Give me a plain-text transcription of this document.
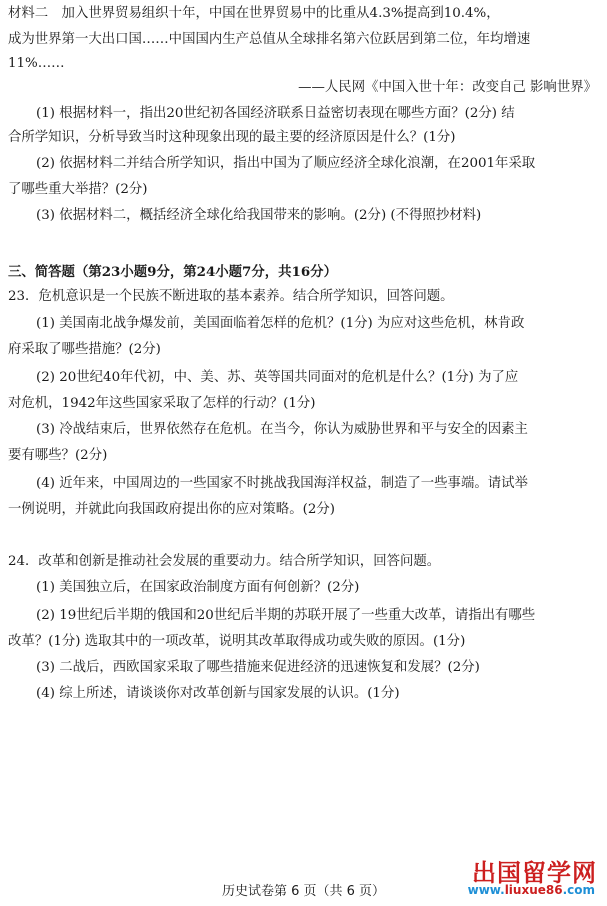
材料二　加入世界贸易组织十年，中国在世界贸易中的比重从4.3%提高到10.4%，
成为世界第一大出口国……中国国内生产总值从全球排名第六位跃居到第二位，年均增速
11%……
——人民网《中国入世十年：改变自己 影响世界》
(1) 根据材料一，指出20世纪初各国经济联系日益密切表现在哪些方面？(2分) 结
合所学知识，分析导致当时这种现象出现的最主要的经济原因是什么？(1分)
(2) 依据材料二并结合所学知识，指出中国为了顺应经济全球化浪潮，在2001年采取
了哪些重大举措？(2分)
(3) 依据材料二，概括经济全球化给我国带来的影响。(2分) (不得照抄材料)
三、简答题（第23小题9分，第24小题7分，共16分）
23．危机意识是一个民族不断进取的基本素养。结合所学知识，回答问题。
(1) 美国南北战争爆发前，美国面临着怎样的危机？(1分) 为应对这些危机，林肯政
府采取了哪些措施？(2分)
(2) 20世纪40年代初，中、美、苏、英等国共同面对的危机是什么？(1分) 为了应
对危机，1942年这些国家采取了怎样的行动？(1分)
(3) 冷战结束后，世界依然存在危机。在当今，你认为威胁世界和平与安全的因素主
要有哪些？(2分)
(4) 近年来，中国周边的一些国家不时挑战我国海洋权益，制造了一些事端。请试举
一例说明，并就此向我国政府提出你的应对策略。(2分)
24．改革和创新是推动社会发展的重要动力。结合所学知识，回答问题。
(1) 美国独立后，在国家政治制度方面有何创新？(2分)
(2) 19世纪后半期的俄国和20世纪后半期的苏联开展了一些重大改革，请指出有哪些
改革？(1分) 选取其中的一项改革，说明其改革取得成功或失败的原因。(1分)
(3) 二战后，西欧国家采取了哪些措施来促进经济的迅速恢复和发展？(2分)
(4) 综上所述，请谈谈你对改革创新与国家发展的认识。(1分)
历史试卷第 6 页（共 6 页）
出国留学网
www.liuxue86.com
